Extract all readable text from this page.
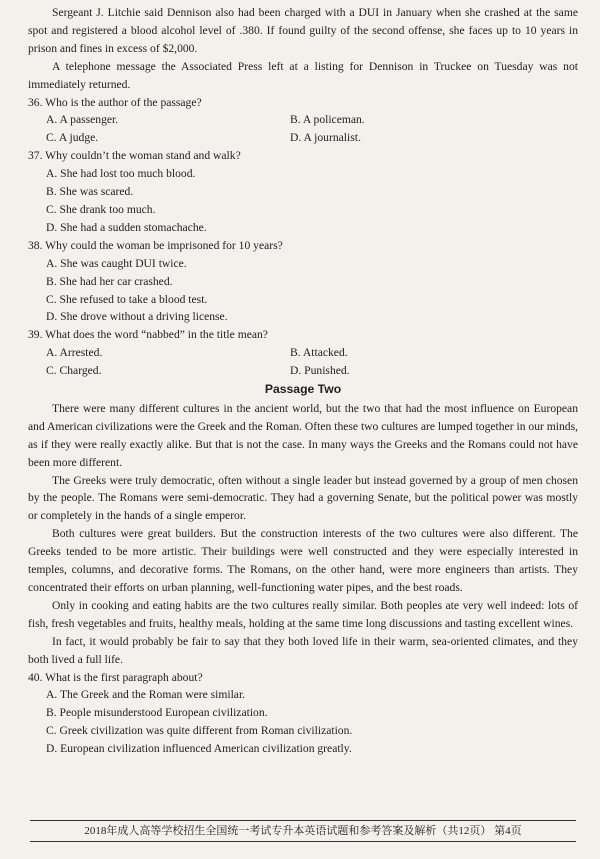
Sergeant J. Litchie said Dennison also had been charged with a DUI in January when she crashed at the same spot and registered a blood alcohol level of .380. If found guilty of the second offense, she faces up to 10 years in prison and fines in excess of $2,000.

A telephone message the Associated Press left at a listing for Dennison in Truckee on Tuesday was not immediately returned.

36. Who is the author of the passage?

A. A passenger.	B. A policeman.
C. A judge.	D. A journalist.

37. Why couldn’t the woman stand and walk?

A. She had lost too much blood.

B. She was scared.

C. She drank too much.

D. She had a sudden stomachache.

38. Why could the woman be imprisoned for 10 years?

A. She was caught DUI twice.

B. She had her car crashed.

C. She refused to take a blood test.

D. She drove without a driving license.

39. What does the word “nabbed” in the title mean?

A. Arrested.	B. Attacked.
C. Charged.	D. Punished.
Passage Two

There were many different cultures in the ancient world, but the two that had the most influence on European and American civilizations were the Greek and the Roman. Often these two cultures are lumped together in our minds, as if they were really exactly alike. But that is not the case. In many ways the Greeks and the Romans could not have been more different.

The Greeks were truly democratic, often without a single leader but instead governed by a group of men chosen by the people. The Romans were semi-democratic. They had a governing Senate, but the political power was mostly or completely in the hands of a single emperor.

Both cultures were great builders. But the construction interests of the two cultures were also different. The Greeks tended to be more artistic. Their buildings were well constructed and they were especially interested in temples, columns, and decorative forms. The Romans, on the other hand, were more engineers than artists. They concentrated their efforts on urban planning, well-functioning water pipes, and the best roads.

Only in cooking and eating habits are the two cultures really similar. Both peoples ate very well indeed: lots of fish, fresh vegetables and fruits, healthy meals, holding at the same time long discussions and tasting excellent wines.

In fact, it would probably be fair to say that they both loved life in their warm, sea-oriented climates, and they both lived a full life.

40. What is the first paragraph about?

A. The Greek and the Roman were similar.

B. People misunderstood European civilization.

C. Greek civilization was quite different from Roman civilization.

D. European civilization influenced American civilization greatly.

2018年成人高等学校招生全国统一考试专升本英语试题和参考答案及解析（共12页） 第4页
